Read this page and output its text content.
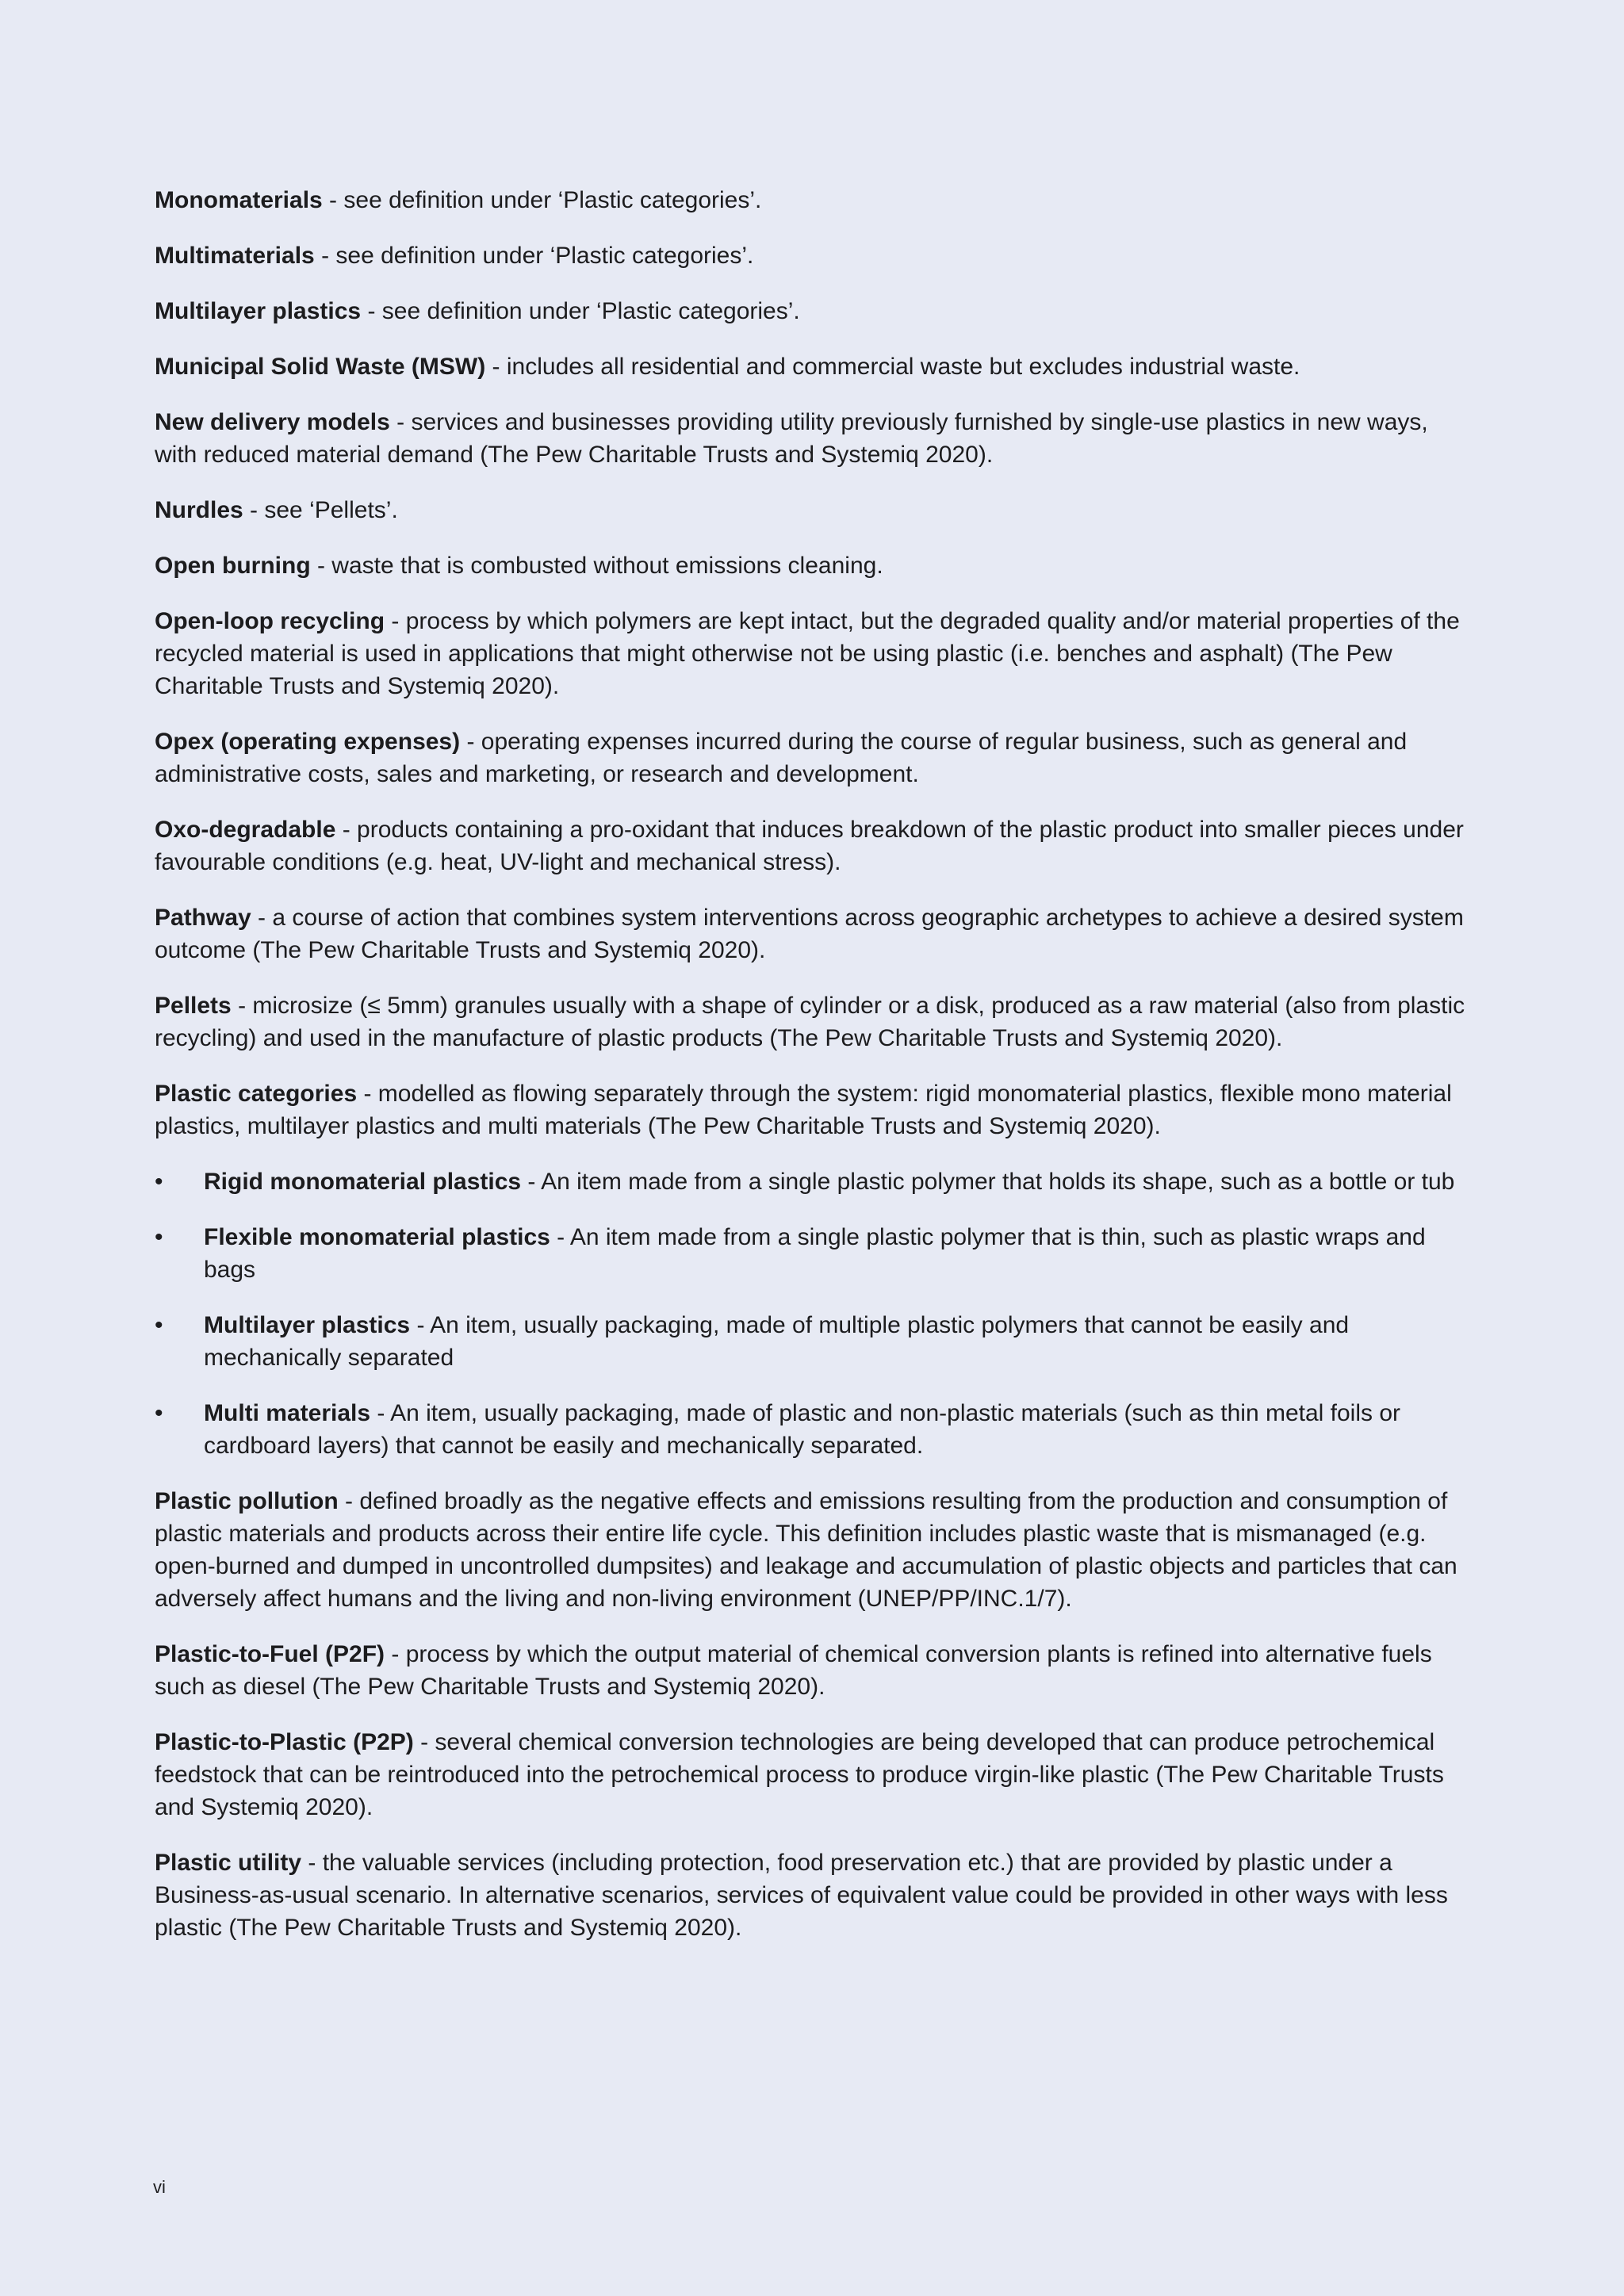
Monomaterials - see definition under ‘Plastic categories’.

Multimaterials - see definition under ‘Plastic categories’.

Multilayer plastics - see definition under ‘Plastic categories’.

Municipal Solid Waste (MSW) - includes all residential and commercial waste but excludes industrial waste.

New delivery models - services and businesses providing utility previously furnished by single-use plastics in new ways, with reduced material demand (The Pew Charitable Trusts and Systemiq 2020).

Nurdles - see ‘Pellets’.

Open burning - waste that is combusted without emissions cleaning.

Open-loop recycling - process by which polymers are kept intact, but the degraded quality and/or material properties of the recycled material is used in applications that might otherwise not be using plastic (i.e. benches and asphalt) (The Pew Charitable Trusts and Systemiq 2020).

Opex (operating expenses) - operating expenses incurred during the course of regular business, such as general and administrative costs, sales and marketing, or research and development.

Oxo-degradable - products containing a pro-oxidant that induces breakdown of the plastic product into smaller pieces under favourable conditions (e.g. heat, UV-light and mechanical stress).

Pathway - a course of action that combines system interventions across geographic archetypes to achieve a desired system outcome (The Pew Charitable Trusts and Systemiq 2020).

Pellets - microsize (≤ 5mm) granules usually with a shape of cylinder or a disk, produced as a raw material (also from plastic recycling) and used in the manufacture of plastic products (The Pew Charitable Trusts and Systemiq 2020).

Plastic categories - modelled as flowing separately through the system: rigid monomaterial plastics, flexible mono material plastics, multilayer plastics and multi materials (The Pew Charitable Trusts and Systemiq 2020).

• Rigid monomaterial plastics - An item made from a single plastic polymer that holds its shape, such as a bottle or tub
• Flexible monomaterial plastics - An item made from a single plastic polymer that is thin, such as plastic wraps and bags
• Multilayer plastics - An item, usually packaging, made of multiple plastic polymers that cannot be easily and mechanically separated
• Multi materials - An item, usually packaging, made of plastic and non-plastic materials (such as thin metal foils or cardboard layers) that cannot be easily and mechanically separated.

Plastic pollution - defined broadly as the negative effects and emissions resulting from the production and consumption of plastic materials and products across their entire life cycle. This definition includes plastic waste that is mismanaged (e.g. open-burned and dumped in uncontrolled dumpsites) and leakage and accumulation of plastic objects and particles that can adversely affect humans and the living and non-living environment (UNEP/PP/INC.1/7).

Plastic-to-Fuel (P2F) - process by which the output material of chemical conversion plants is refined into alternative fuels such as diesel (The Pew Charitable Trusts and Systemiq 2020).

Plastic-to-Plastic (P2P) - several chemical conversion technologies are being developed that can produce petrochemical feedstock that can be reintroduced into the petrochemical process to produce virgin-like plastic (The Pew Charitable Trusts and Systemiq 2020).

Plastic utility - the valuable services (including protection, food preservation etc.) that are provided by plastic under a Business-as-usual scenario. In alternative scenarios, services of equivalent value could be provided in other ways with less plastic (The Pew Charitable Trusts and Systemiq 2020).

vi
